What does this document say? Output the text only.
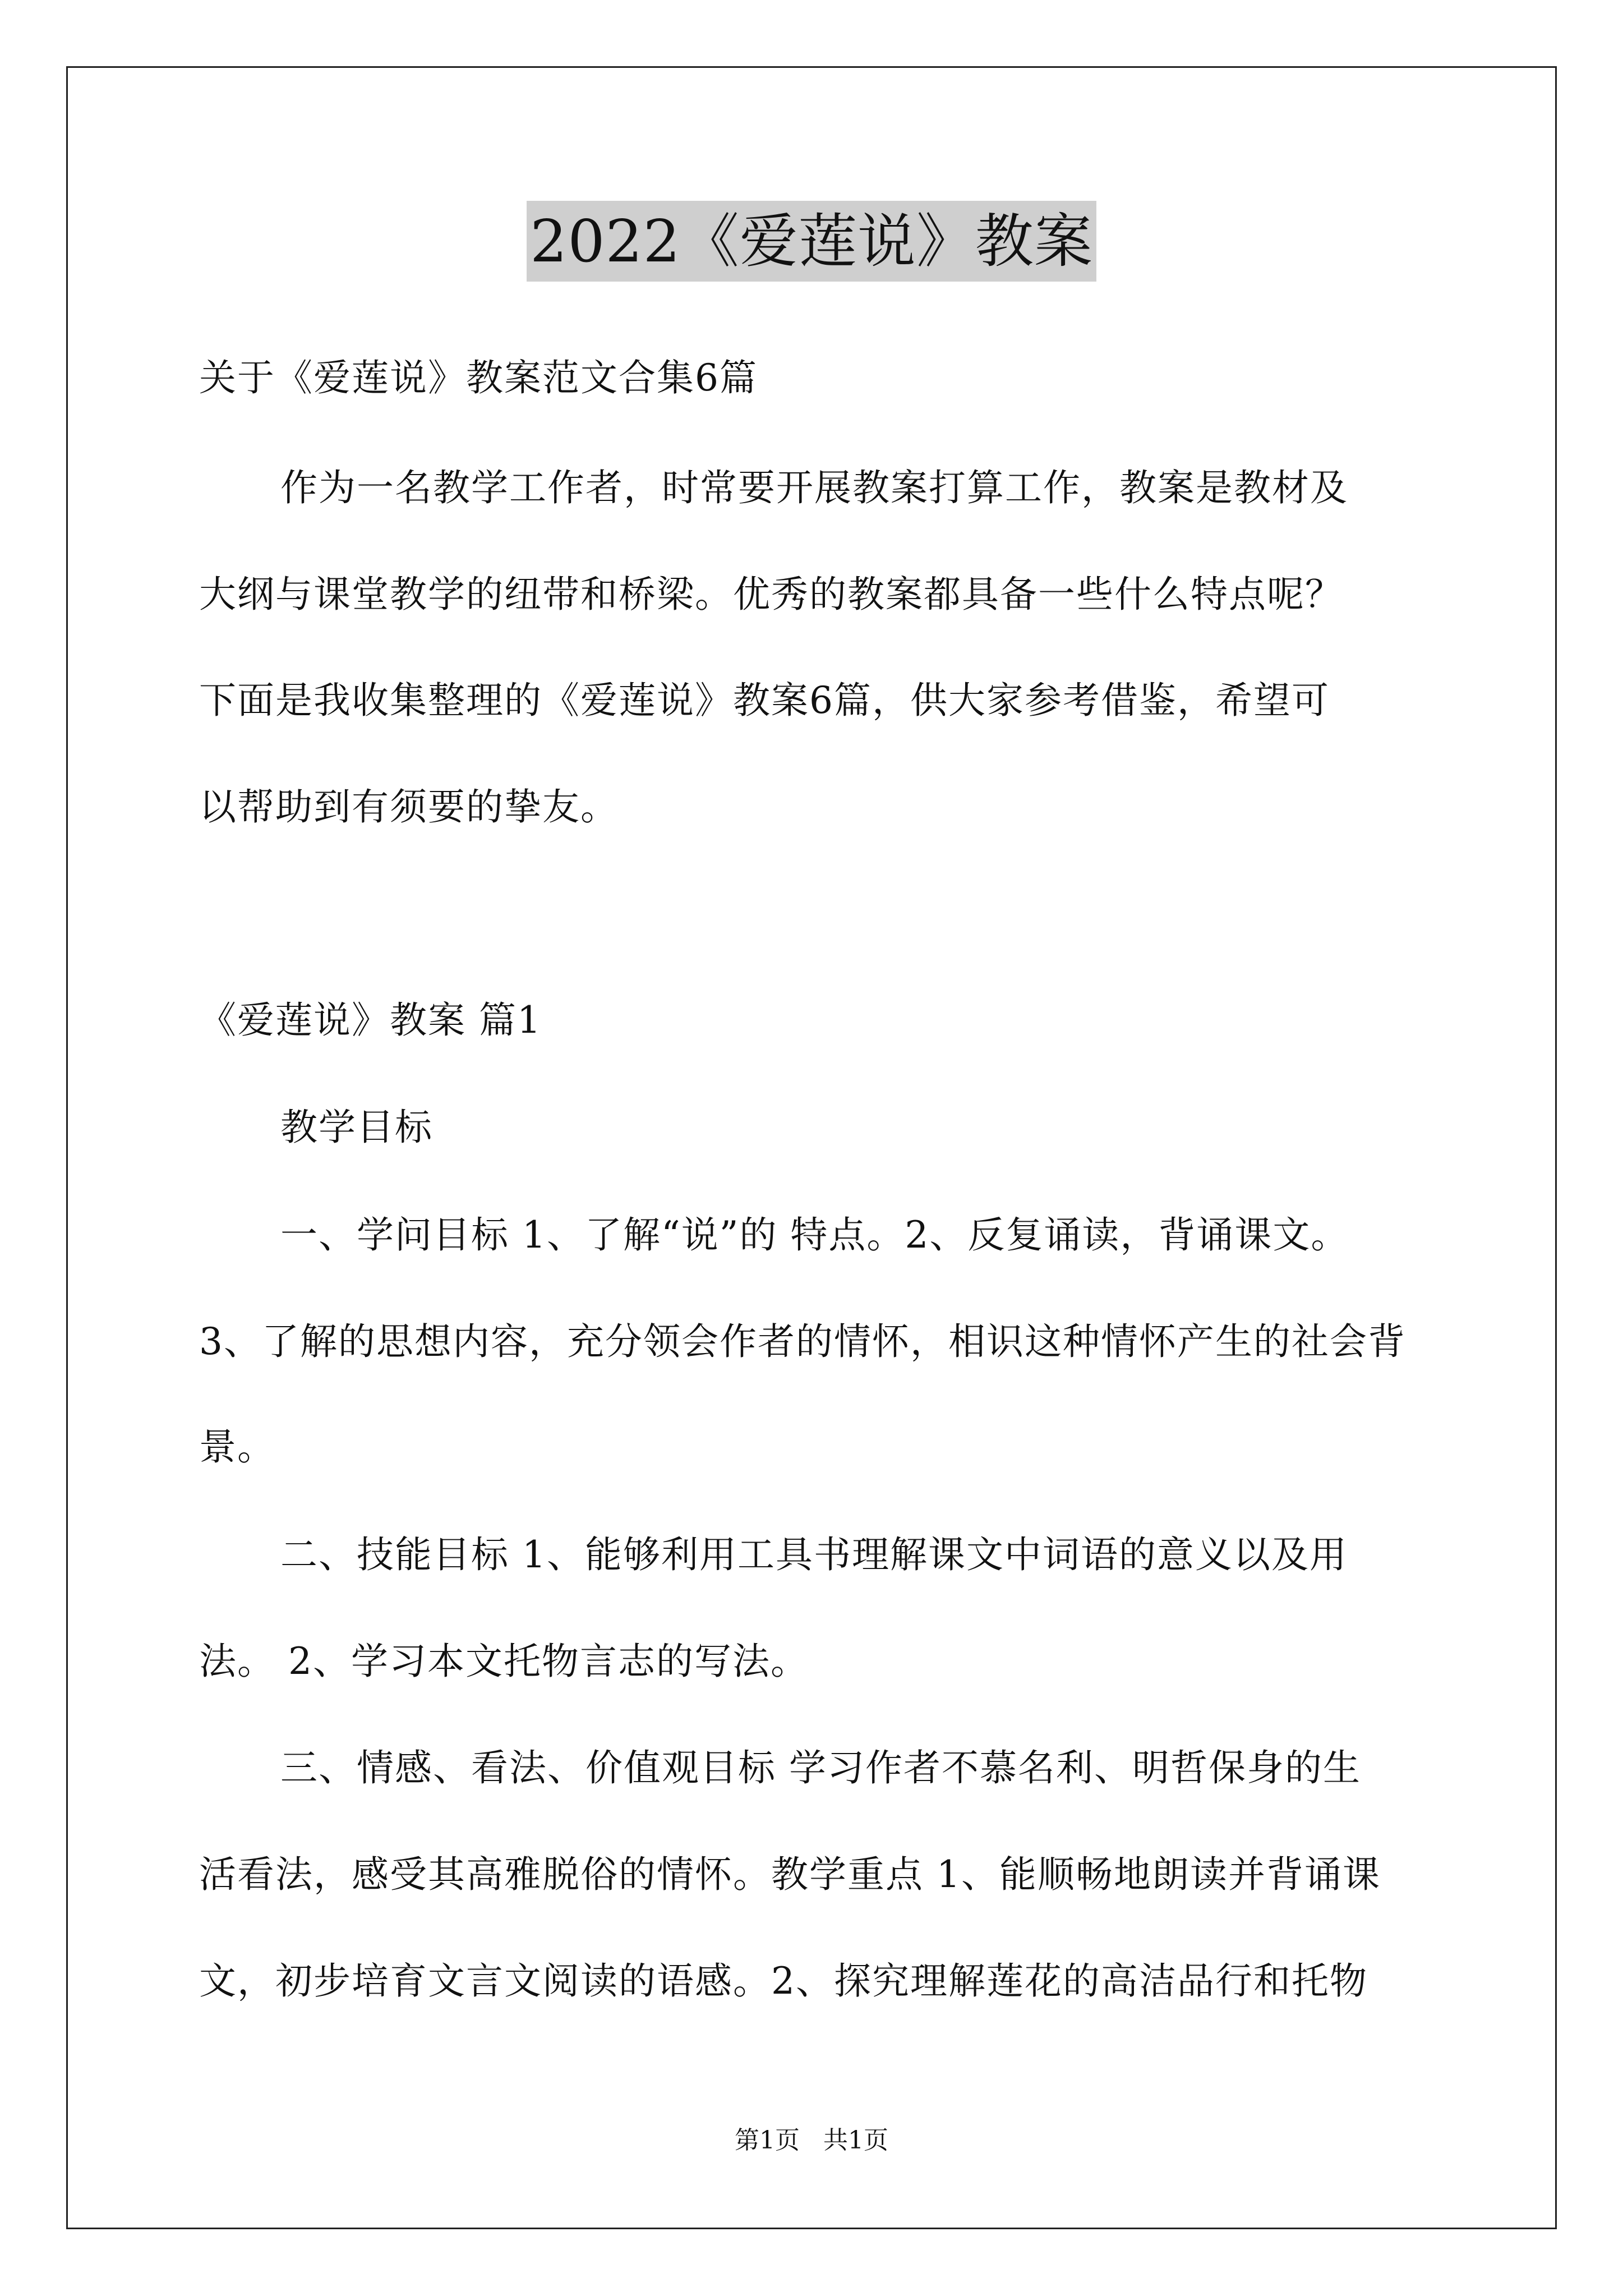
2022《爱莲说》教案
关于《爱莲说》教案范文合集6篇
作为一名教学工作者，时常要开展教案打算工作，教案是教材及
大纲与课堂教学的纽带和桥梁。优秀的教案都具备一些什么特点呢？
下面是我收集整理的《爱莲说》教案6篇，供大家参考借鉴，希望可
以帮助到有须要的挚友。
《爱莲说》教案 篇1
教学目标
一、学问目标 1、了解“说”的 特点。2、反复诵读，背诵课文。
3、了解的思想内容，充分领会作者的情怀，相识这种情怀产生的社会背
景。
二、技能目标 1、能够利用工具书理解课文中词语的意义以及用
法。 2、学习本文托物言志的写法。
三、情感、看法、价值观目标 学习作者不慕名利、明哲保身的生
活看法，感受其高雅脱俗的情怀。教学重点 1、能顺畅地朗读并背诵课
文，初步培育文言文阅读的语感。2、探究理解莲花的高洁品行和托物
第1页   共1页
